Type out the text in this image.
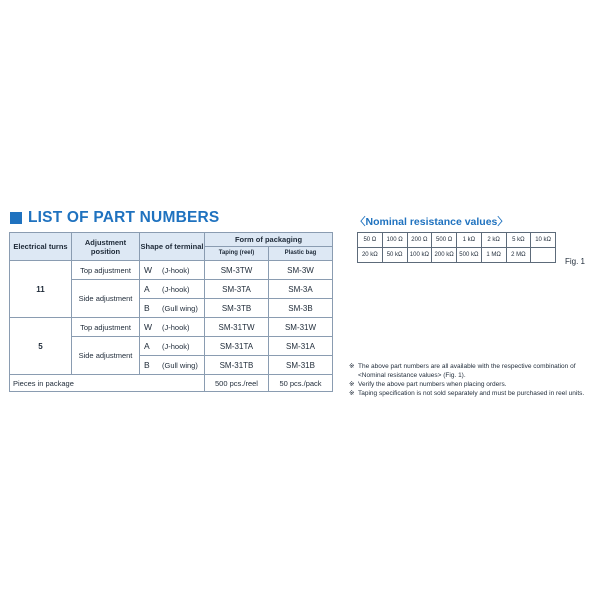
LIST OF PART NUMBERS
Electrical turns	Adjustment position	Shape of terminal	Form of packaging	
			Taping (reel)	Plastic bag
11	Top adjustment	W (J-hook)	SM-3TW	SM-3W
	Side adjustment	A (J-hook)	SM-3TA	SM-3A
		B (Gull wing)	SM-3TB	SM-3B
5	Top adjustment	W (J-hook)	SM-31TW	SM-31W
	Side adjustment	A (J-hook)	SM-31TA	SM-31A
		B (Gull wing)	SM-31TB	SM-31B
Pieces in package			500 pcs./reel	50 pcs./pack
〈Nominal resistance values〉
50 Ω	100 Ω	200 Ω	500 Ω	1 kΩ	2 kΩ	5 kΩ	10 kΩ
20 kΩ	50 kΩ	100 kΩ	200 kΩ	500 kΩ	1 MΩ	2 MΩ	
Fig. 1
※ The above part numbers are all available with the respective combination of <Nominal resistance values> (Fig. 1).
※ Verify the above part numbers when placing orders.
※ Taping specification is not sold separately and must be purchased in reel units.
